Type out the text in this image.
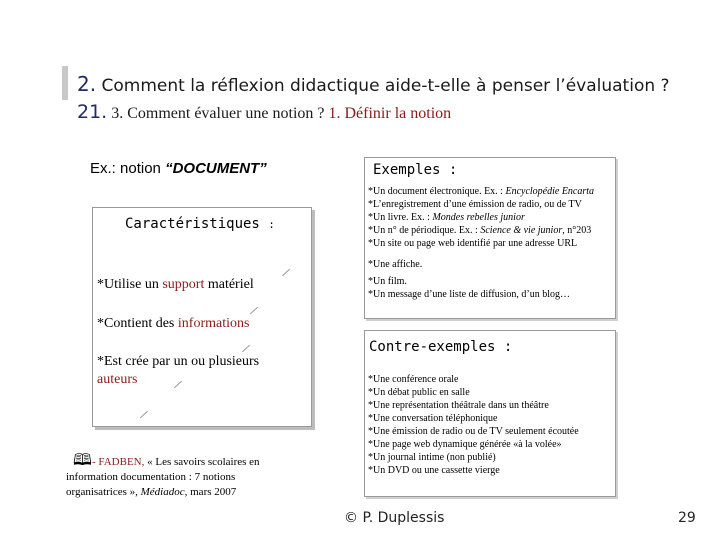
2. Comment la réflexion didactique aide-t-elle à penser l’évaluation ?
21. 3. Comment évaluer une notion ? 1. Définir la notion
Ex.: notion “DOCUMENT”
Caractéristiques :
*Utilise un support matériel
*Contient des informations
*Est crée par un ou plusieurs auteurs
🕮 - FADBEN, « Les savoirs scolaires en information documentation : 7 notions organisatrices », Médiadoc, mars 2007
Exemples :
*Un document électronique. Ex. : Encyclopédie Encarta
*L’enregistrement d’une émission de radio, ou de TV
*Un livre. Ex. : Mondes rebelles junior
*Un n° de périodique. Ex. : Science & vie junior, n°203
*Un site ou page web identifié par une adresse URL
*Une affiche.
*Un film.
*Un message d’une liste de diffusion, d’un blog…
Contre-exemples :
*Une conférence orale
*Un débat public en salle
*Une représentation théâtrale dans un théâtre
*Une conversation téléphonique
*Une émission de radio ou de TV seulement écoutée
*Une page web dynamique générée «à la volée»
*Un journal intime (non publié)
*Un DVD ou une cassette vierge
© P. Duplessis	29
